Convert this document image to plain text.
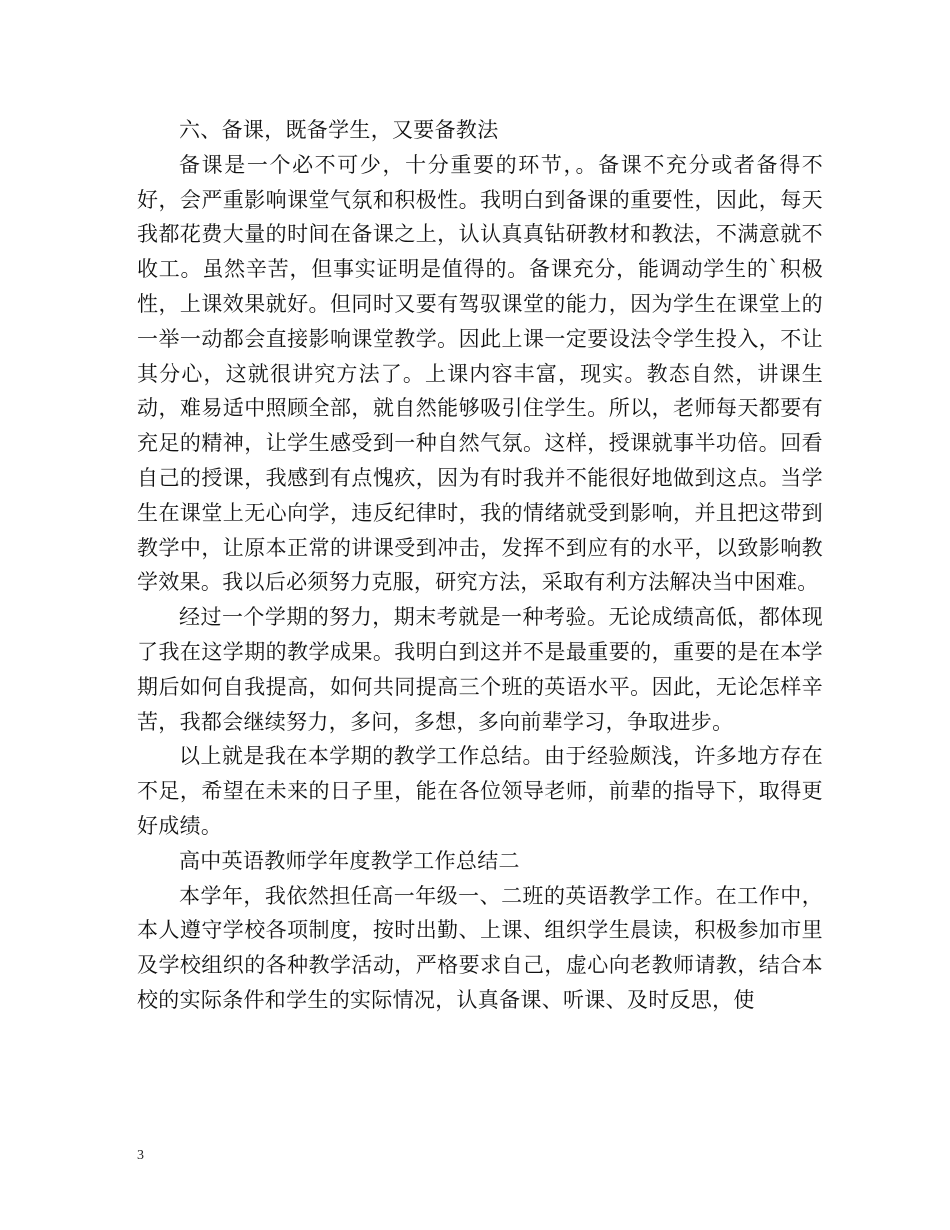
六、备课，既备学生，又要备教法

备课是一个必不可少，十分重要的环节，。备课不充分或者备得不好，会严重影响课堂气氛和积极性。我明白到备课的重要性，因此，每天我都花费大量的时间在备课之上，认认真真钻研教材和教法，不满意就不收工。虽然辛苦，但事实证明是值得的。备课充分，能调动学生的`积极性，上课效果就好。但同时又要有驾驭课堂的能力，因为学生在课堂上的一举一动都会直接影响课堂教学。因此上课一定要设法令学生投入，不让其分心，这就很讲究方法了。上课内容丰富，现实。教态自然，讲课生动，难易适中照顾全部，就自然能够吸引住学生。所以，老师每天都要有充足的精神，让学生感受到一种自然气氛。这样，授课就事半功倍。回看自己的授课，我感到有点愧疚，因为有时我并不能很好地做到这点。当学生在课堂上无心向学，违反纪律时，我的情绪就受到影响，并且把这带到教学中，让原本正常的讲课受到冲击，发挥不到应有的水平，以致影响教学效果。我以后必须努力克服，研究方法，采取有利方法解决当中困难。

经过一个学期的努力，期末考就是一种考验。无论成绩高低，都体现了我在这学期的教学成果。我明白到这并不是最重要的，重要的是在本学期后如何自我提高，如何共同提高三个班的英语水平。因此，无论怎样辛苦，我都会继续努力，多问，多想，多向前辈学习，争取进步。

以上就是我在本学期的教学工作总结。由于经验颇浅，许多地方存在不足，希望在未来的日子里，能在各位领导老师，前辈的指导下，取得更好成绩。

高中英语教师学年度教学工作总结二

本学年，我依然担任高一年级一、二班的英语教学工作。在工作中，本人遵守学校各项制度，按时出勤、上课、组织学生晨读，积极参加市里及学校组织的各种教学活动，严格要求自己，虚心向老教师请教，结合本校的实际条件和学生的实际情况，认真备课、听课、及时反思，使

3
